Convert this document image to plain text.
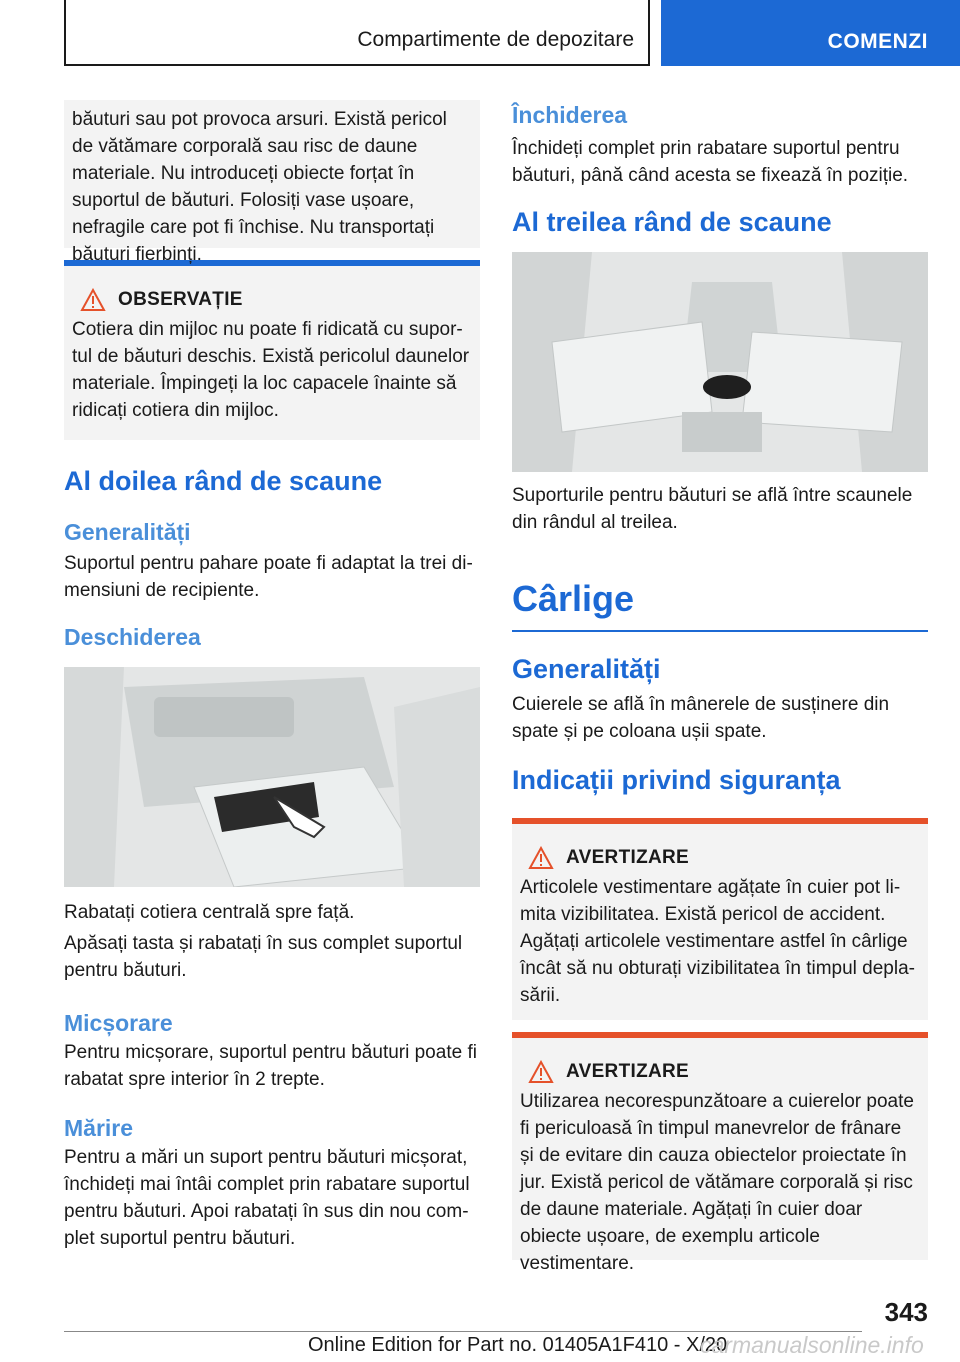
Compartimente de depozitare	COMENZI

băuturi sau pot provoca arsuri. Există pericol de vătămare corporală sau risc de daune materiale. Nu introduceți obiecte forțat în suportul de băuturi. Folosiți vase ușoare, nefragile care pot fi închise. Nu transportați băuturi fierbinți.

OBSERVAȚIE

Cotiera din mijloc nu poate fi ridicată cu suportul de băuturi deschis. Există pericolul daunelor materiale. Împingeți la loc capacele înainte să ridicați cotiera din mijloc.

Al doilea rând de scaune
Generalități

Suportul pentru pahare poate fi adaptat la trei dimensiuni de recipiente.

Deschiderea

Rabatați cotiera centrală spre față.

Apăsați tasta și rabatați în sus complet suportul pentru băuturi.

Micșorare

Pentru micșorare, suportul pentru băuturi poate fi rabatat spre interior în 2 trepte.

Mărire

Pentru a mări un suport pentru băuturi micșorat, închideți mai întâi complet prin rabatare suportul pentru băuturi. Apoi rabatați în sus din nou complet suportul pentru băuturi.

Închiderea

Închideți complet prin rabatare suportul pentru băuturi, până când acesta se fixează în poziție.

Al treilea rând de scaune

Suporturile pentru băuturi se află între scaunele din rândul al treilea.

Cârlige
Generalități

Cuierele se află în mânerele de susținere din spate și pe coloana ușii spate.

Indicații privind siguranța
AVERTIZARE

Articolele vestimentare agățate în cuier pot limita vizibilitatea. Există pericol de accident. Agățați articolele vestimentare astfel în cârlige încât să nu obturați vizibilitatea în timpul deplasării.

AVERTIZARE

Utilizarea necorespunzătoare a cuierelor poate fi periculoasă în timpul manevrelor de frânare și de evitare din cauza obiectelor proiectate în jur. Există pericol de vătămare corporală și risc de daune materiale. Agățați în cuier doar obiecte ușoare, de exemplu articole vestimentare.

343
Online Edition for Part no. 01405A1F410 - X/20
carmanualsonline.info
